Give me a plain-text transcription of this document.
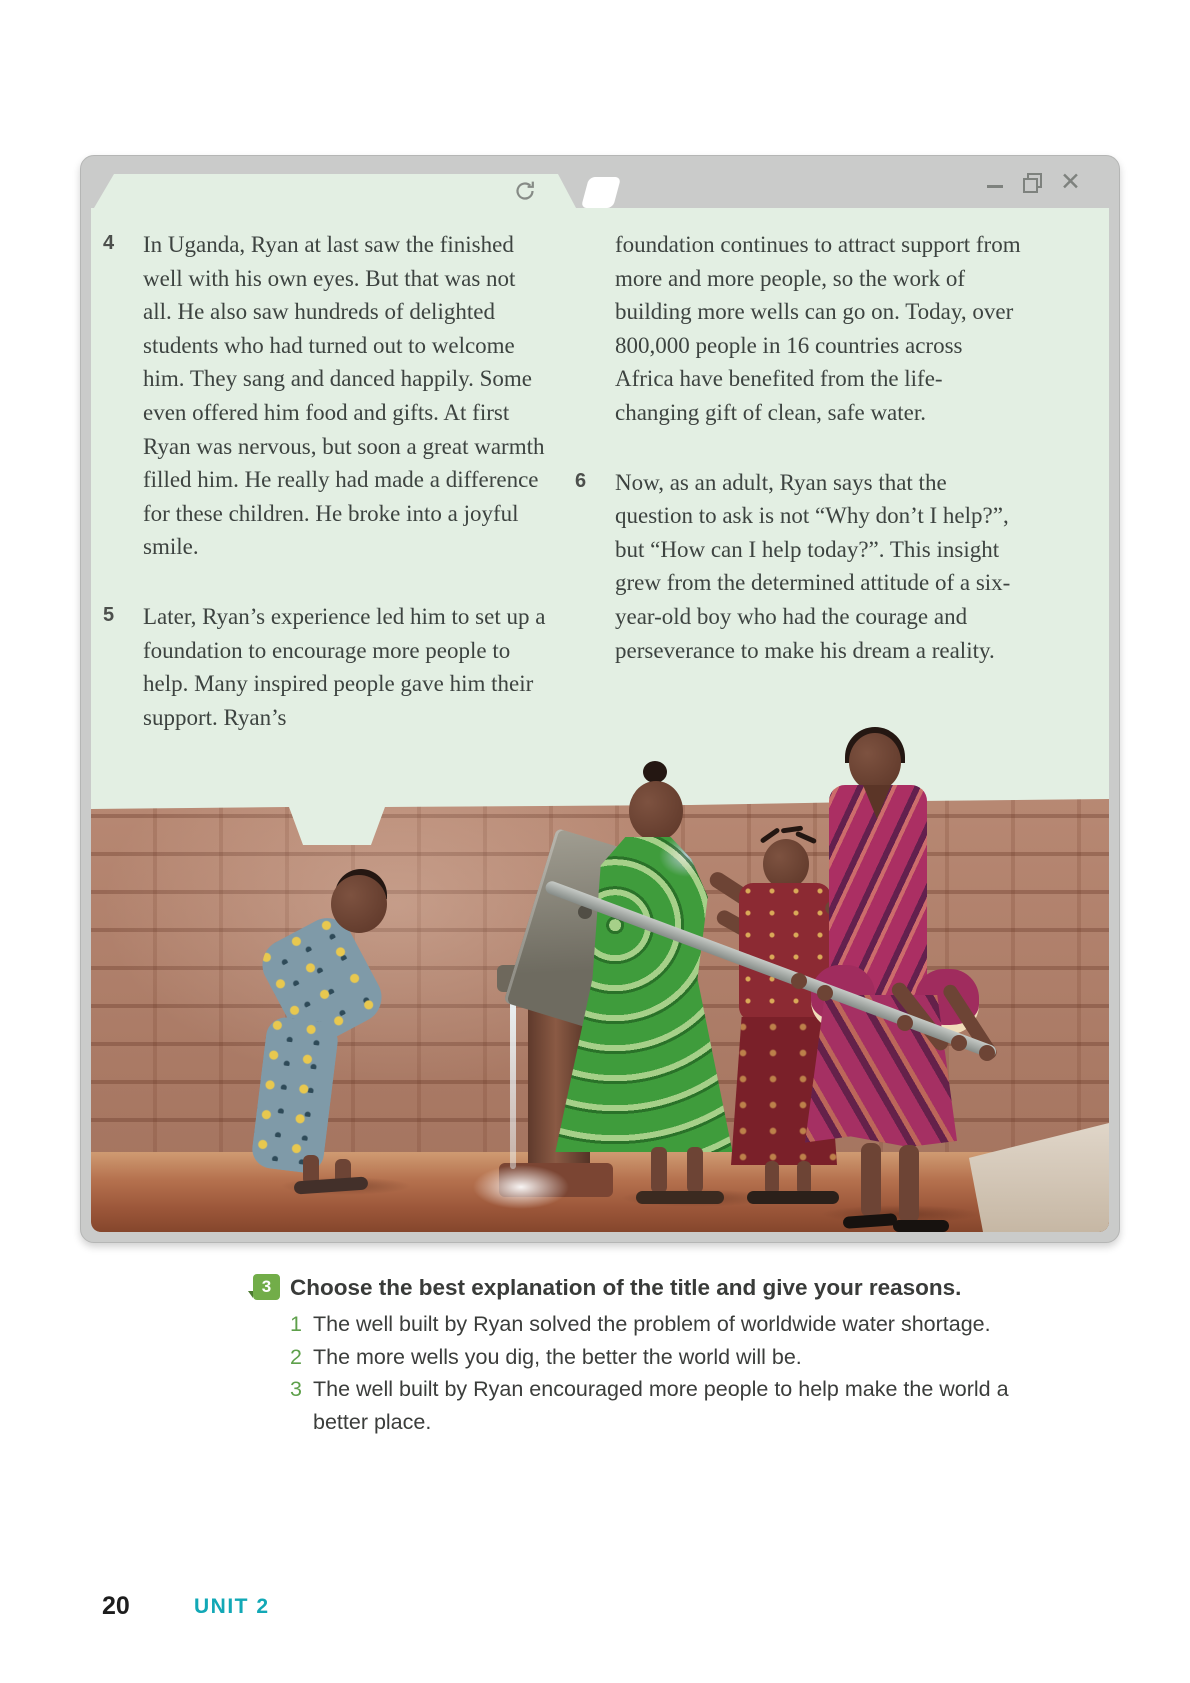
✕
4	In Uganda, Ryan at last saw the finished well with his own eyes. But that was not all. He also saw hundreds of delighted students who had turned out to welcome him. They sang and danced happily. Some even offered him food and gifts. At first Ryan was nervous, but soon a great warmth filled him. He really had made a difference for these children. He broke into a joyful smile.
5	Later, Ryan’s experience led him to set up a foundation to encourage more people to help. Many inspired people gave him their support. Ryan’s
foundation continues to attract support from more and more people, so the work of building more wells can go on. Today, over 800,000 people in 16 countries across Africa have benefited from the life-changing gift of clean, safe water.
6	Now, as an adult, Ryan says that the question to ask is not “Why don’t I help?”, but “How can I help today?”. This insight grew from the determined attitude of a six-year-old boy who had the courage and perseverance to make his dream a reality.
3 Choose the best explanation of the title and give your reasons.
1 The well built by Ryan solved the problem of worldwide water shortage.
2 The more wells you dig, the better the world will be.
3 The well built by Ryan encouraged more people to help make the world a better place.
20	UNIT 2
